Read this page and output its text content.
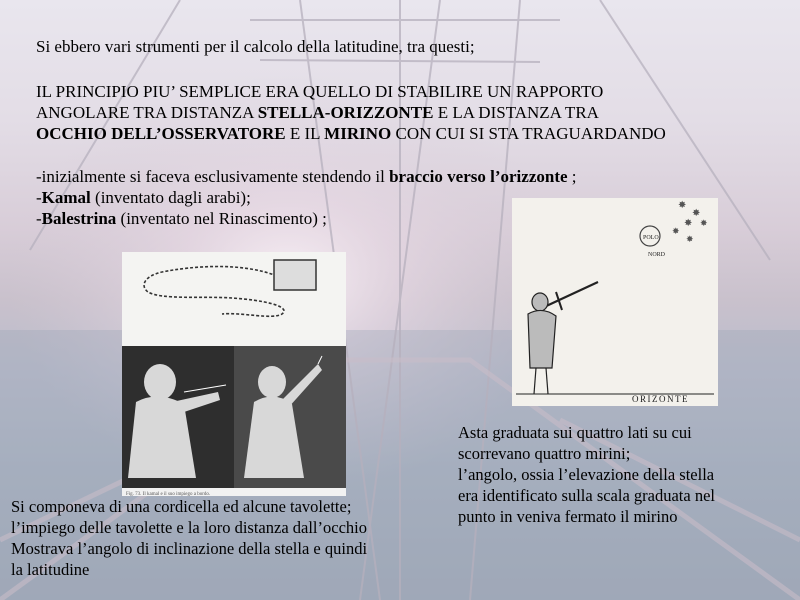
Si ebbero vari strumenti per il calcolo della latitudine, tra questi;
IL PRINCIPIO PIU’ SEMPLICE ERA QUELLO DI STABILIRE UN RAPPORTO
ANGOLARE TRA DISTANZA STELLA-ORIZZONTE E LA DISTANZA TRA
OCCHIO DELL’OSSERVATORE E IL MIRINO CON CUI SI STA TRAGUARDANDO
-inizialmente si faceva esclusivamente stendendo il braccio verso l’orizzonte ;
-Kamal (inventato dagli arabi);
-Balestrina (inventato nel Rinascimento) ;
Fig. 73. Il kamal e il suo impiego a bordo.
✸
✸
✸
✸
✸
✸
POLO
NORD
ORIZONTE
Si componeva di una cordicella ed alcune tavolette;
l’impiego delle tavolette e la loro distanza dall’occhio
Mostrava l’angolo di inclinazione della stella e quindi
la latitudine
Asta graduata sui quattro lati su cui
scorrevano quattro mirini;
l’angolo, ossia l’elevazione della stella
era identificato sulla scala graduata nel
punto in veniva fermato il mirino
